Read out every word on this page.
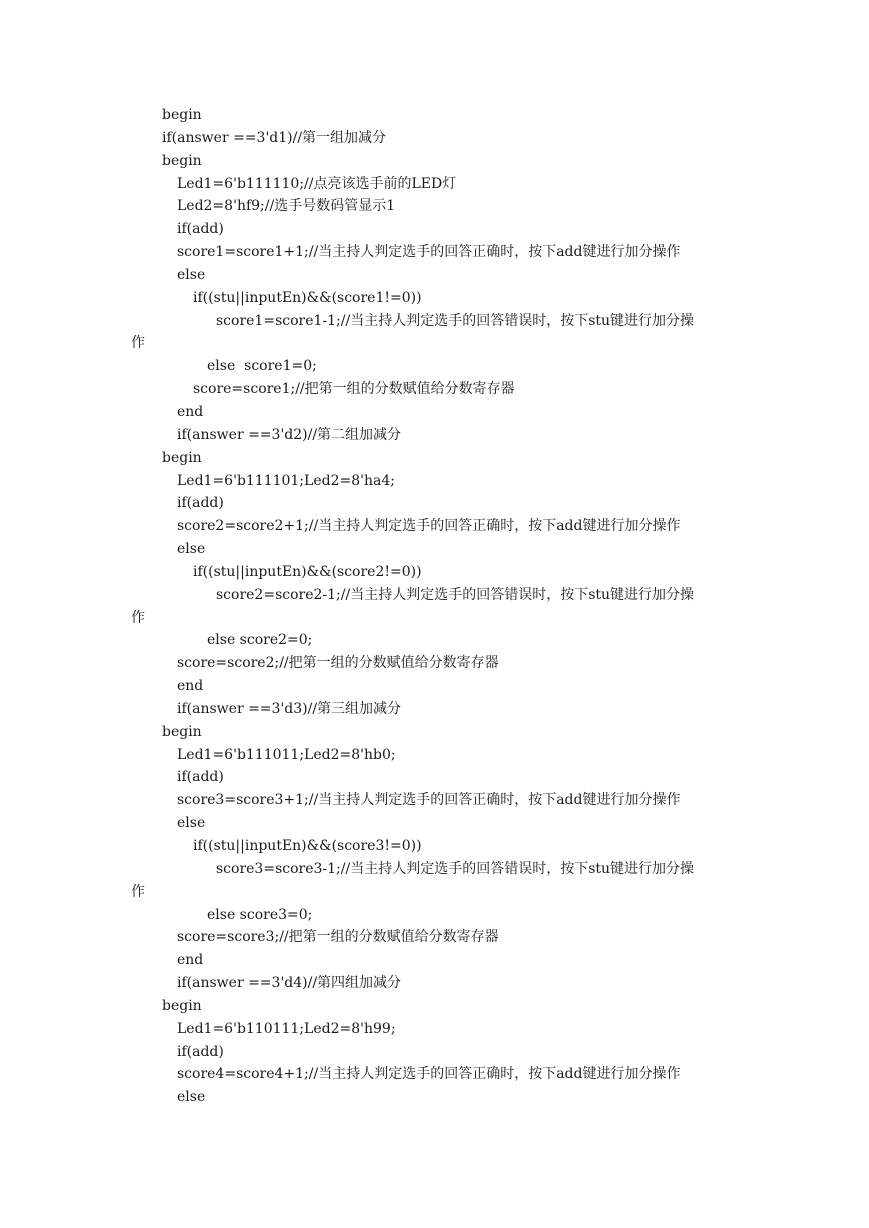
begin
if(answer ==3'd1)//第一组加减分
begin
Led1=6'b111110;//点亮该选手前的LED灯
Led2=8'hf9;//选手号数码管显示1
if(add)
score1=score1+1;//当主持人判定选手的回答正确时，按下add键进行加分操作
else
if((stu||inputEn)&&(score1!=0))
score1=score1-1;//当主持人判定选手的回答错误时，按下stu键进行加分操
作
else  score1=0;
score=score1;//把第一组的分数赋值给分数寄存器
end
if(answer ==3'd2)//第二组加减分
begin
Led1=6'b111101;Led2=8'ha4;
if(add)
score2=score2+1;//当主持人判定选手的回答正确时，按下add键进行加分操作
else
if((stu||inputEn)&&(score2!=0))
score2=score2-1;//当主持人判定选手的回答错误时，按下stu键进行加分操
作
else score2=0;
score=score2;//把第一组的分数赋值给分数寄存器
end
if(answer ==3'd3)//第三组加减分
begin
Led1=6'b111011;Led2=8'hb0;
if(add)
score3=score3+1;//当主持人判定选手的回答正确时，按下add键进行加分操作
else
if((stu||inputEn)&&(score3!=0))
score3=score3-1;//当主持人判定选手的回答错误时，按下stu键进行加分操
作
else score3=0;
score=score3;//把第一组的分数赋值给分数寄存器
end
if(answer ==3'd4)//第四组加减分
begin
Led1=6'b110111;Led2=8'h99;
if(add)
score4=score4+1;//当主持人判定选手的回答正确时，按下add键进行加分操作
else
